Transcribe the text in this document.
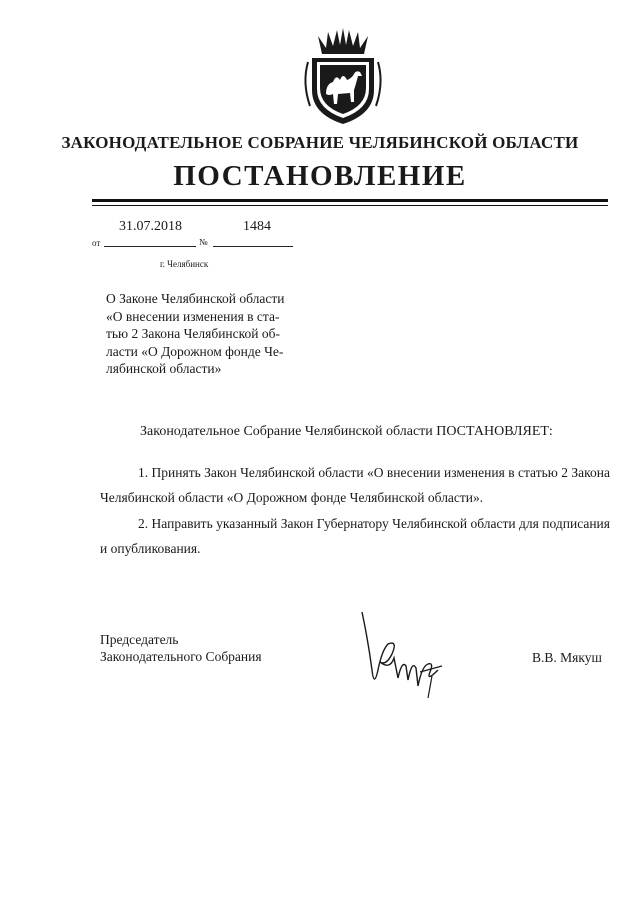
ЗАКОНОДАТЕЛЬНОЕ СОБРАНИЕ ЧЕЛЯБИНСКОЙ ОБЛАСТИ
ПОСТАНОВЛЕНИЕ
31.07.2018	1484
от	№
г. Челябинск
О Законе Челябинской области
«О внесении изменения в ста-
тью 2 Закона Челябинской об-
ласти «О Дорожном фонде Че-
лябинской области»
Законодательное Собрание Челябинской области ПОСТАНОВЛЯЕТ:
1. Принять Закон Челябинской области «О внесении изменения в статью 2 Закона Челябинской области «О Дорожном фонде Челябинской области».
2. Направить указанный Закон Губернатору Челябинской области для подписания и опубликования.
Председатель
Законодательного Собрания	В.В. Мякуш
